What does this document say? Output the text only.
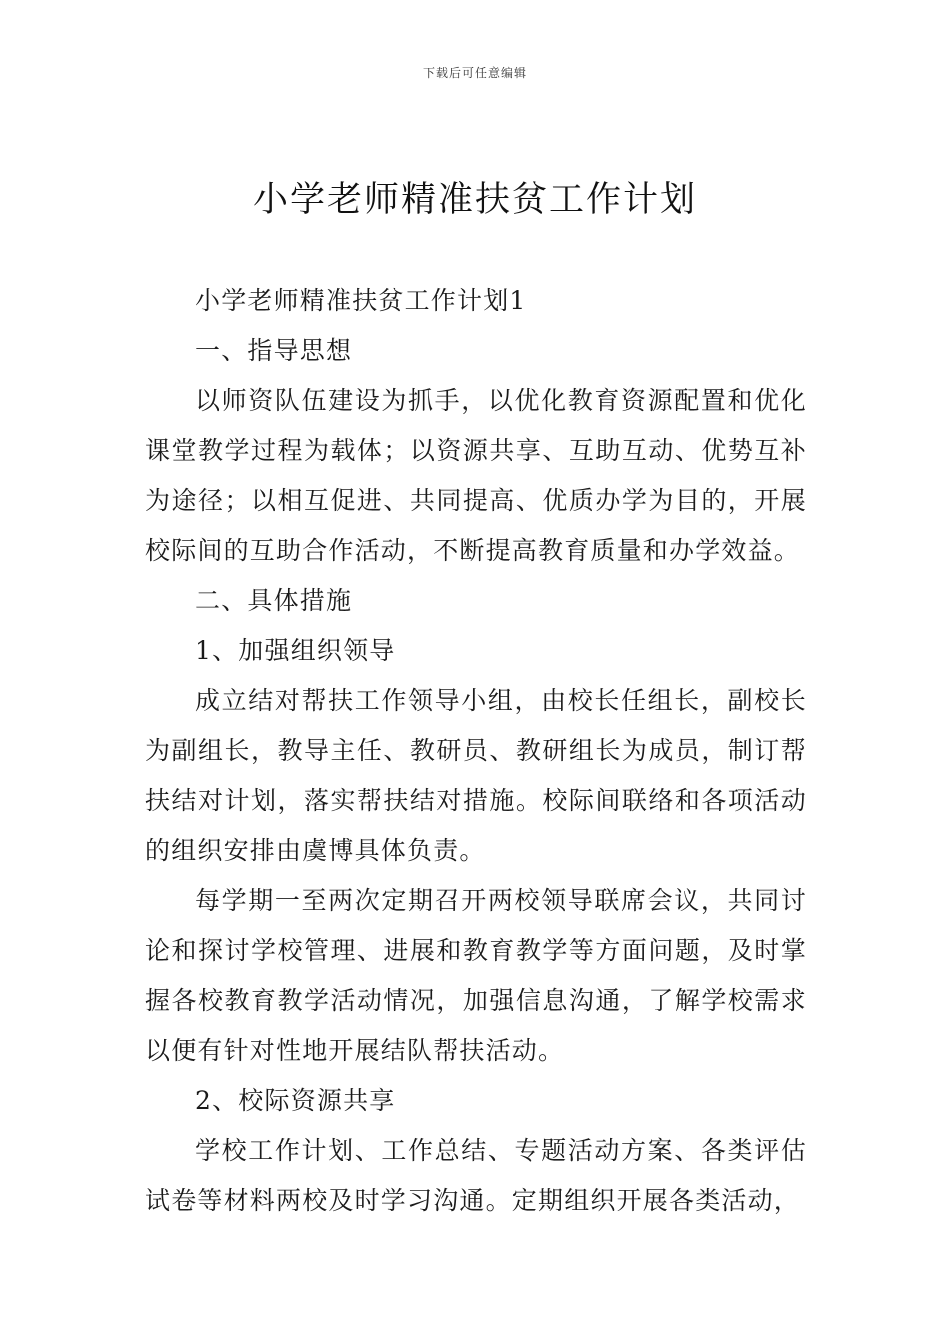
下载后可任意编辑
小学老师精准扶贫工作计划

小学老师精准扶贫工作计划1

一、指导思想

以师资队伍建设为抓手，以优化教育资源配置和优化课堂教学过程为载体；以资源共享、互助互动、优势互补为途径；以相互促进、共同提高、优质办学为目的，开展校际间的互助合作活动，不断提高教育质量和办学效益。

二、具体措施

1、加强组织领导

成立结对帮扶工作领导小组，由校长任组长，副校长为副组长，教导主任、教研员、教研组长为成员，制订帮扶结对计划，落实帮扶结对措施。校际间联络和各项活动的组织安排由虞博具体负责。

每学期一至两次定期召开两校领导联席会议，共同讨论和探讨学校管理、进展和教育教学等方面问题，及时掌握各校教育教学活动情况，加强信息沟通，了解学校需求以便有针对性地开展结队帮扶活动。

2、校际资源共享

学校工作计划、工作总结、专题活动方案、各类评估试卷等材料两校及时学习沟通。定期组织开展各类活动，
